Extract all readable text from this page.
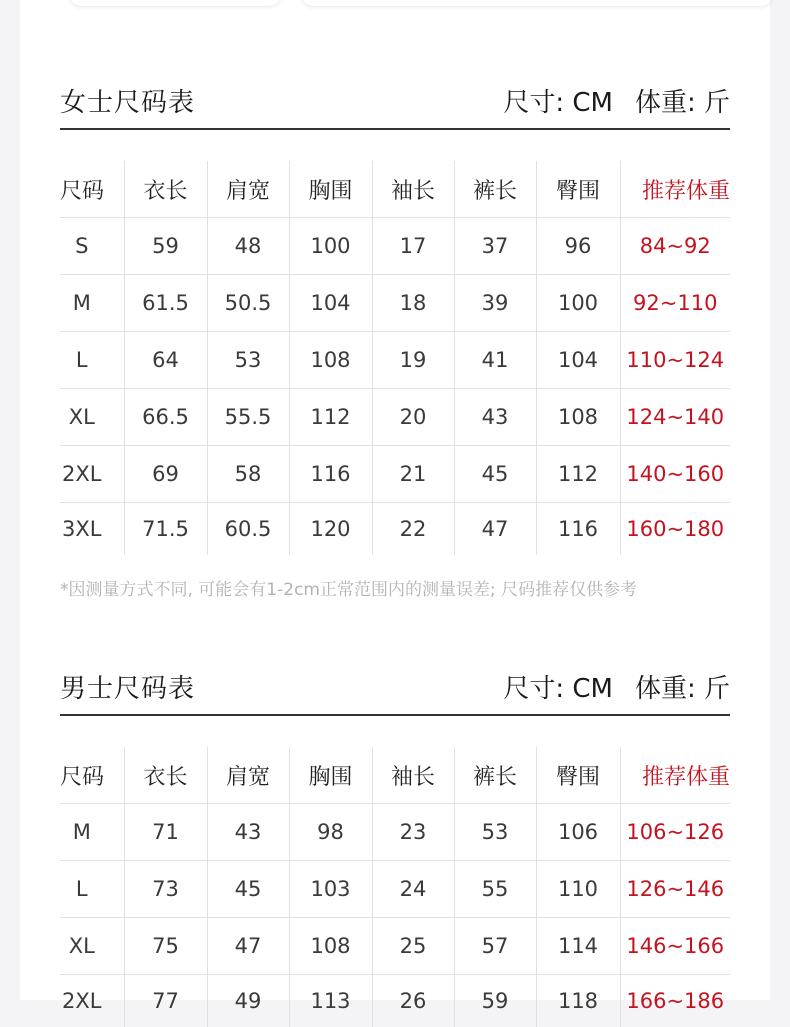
女士尺码表	尺寸: CM 体重: 斤
尺码	衣长	肩宽	胸围	袖长	裤长	臀围	推荐体重
S	59	48	100	17	37	96	84~92
M	61.5	50.5	104	18	39	100	92~110
L	64	53	108	19	41	104	110~124
XL	66.5	55.5	112	20	43	108	124~140
2XL	69	58	116	21	45	112	140~160
3XL	71.5	60.5	120	22	47	116	160~180
*因测量方式不同, 可能会有1-2cm正常范围内的测量误差; 尺码推荐仅供参考
男士尺码表	尺寸: CM 体重: 斤
尺码	衣长	肩宽	胸围	袖长	裤长	臀围	推荐体重
M	71	43	98	23	53	106	106~126
L	73	45	103	24	55	110	126~146
XL	75	47	108	25	57	114	146~166
2XL	77	49	113	26	59	118	166~186
